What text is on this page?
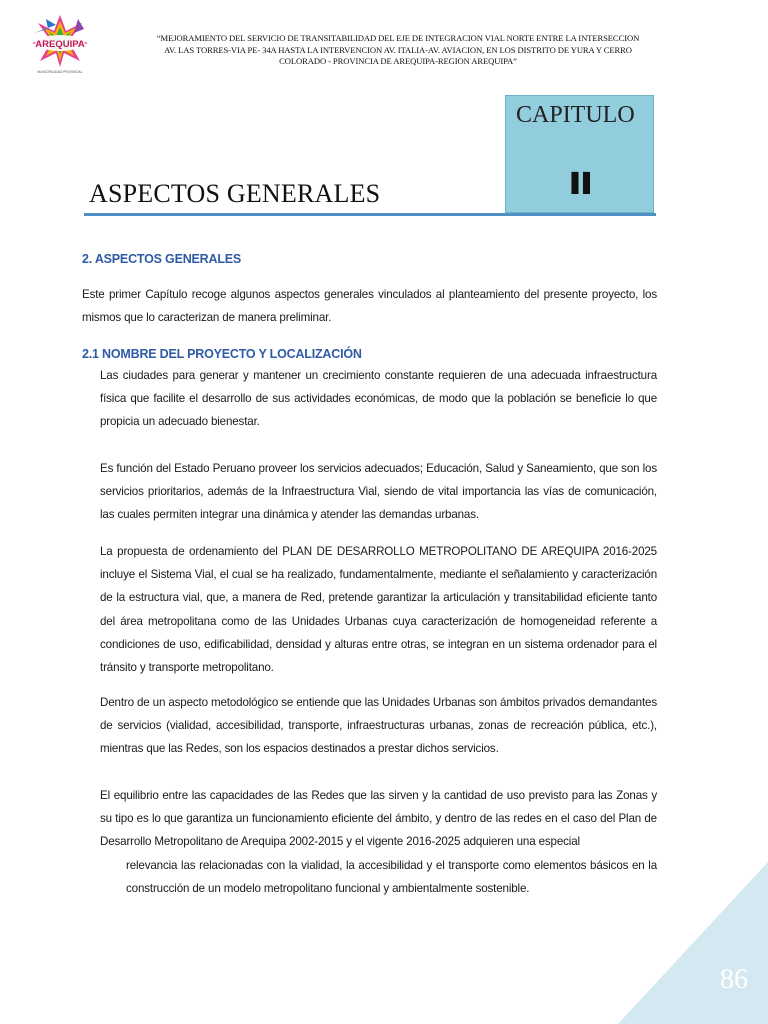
AREQUIPA
MUNICIPALIDAD PROVINCIAL
“MEJORAMIENTO DEL SERVICIO DE TRANSITABILIDAD DEL EJE DE INTEGRACION VIAL NORTE ENTRE LA INTERSECCION
AV. LAS TORRES-VIA PE- 34A HASTA LA INTERVENCION AV. ITALIA-AV. AVIACION, EN LOS DISTRITO DE YURA Y CERRO
COLORADO - PROVINCIA DE AREQUIPA-REGION AREQUIPA”
CAPITULO
II
ASPECTOS GENERALES
2. ASPECTOS GENERALES
Este primer Capítulo recoge algunos aspectos generales vinculados al planteamiento del presente proyecto, los mismos que lo caracterizan de manera preliminar.
2.1 NOMBRE DEL PROYECTO Y LOCALIZACIÓN
Las ciudades para generar y mantener un crecimiento constante requieren de una adecuada infraestructura física que facilite el desarrollo de sus actividades económicas, de modo que la población se beneficie lo que propicia un adecuado bienestar.
Es función del Estado Peruano proveer los servicios adecuados; Educación, Salud y Saneamiento, que son los servicios prioritarios, además de la Infraestructura Vial, siendo de vital importancia las vías de comunicación, las cuales permiten integrar una dinámica y atender las demandas urbanas.
La propuesta de ordenamiento del PLAN DE DESARROLLO METROPOLITANO DE AREQUIPA 2016-2025 incluye el Sistema Vial, el cual se ha realizado, fundamentalmente, mediante el señalamiento y caracterización de la estructura vial, que, a manera de Red, pretende garantizar la articulación y transitabilidad eficiente tanto del área metropolitana como de las Unidades Urbanas cuya caracterización de homogeneidad referente a condiciones de uso, edificabilidad, densidad y alturas entre otras, se integran en un sistema ordenador para el tránsito y transporte metropolitano.
Dentro de un aspecto metodológico se entiende que las Unidades Urbanas son ámbitos privados demandantes de servicios (vialidad, accesibilidad, transporte, infraestructuras urbanas, zonas de recreación pública, etc.), mientras que las Redes, son los espacios destinados a prestar dichos servicios.
El equilibrio entre las capacidades de las Redes que las sirven y la cantidad de uso previsto para las Zonas y su tipo es lo que garantiza un funcionamiento eficiente del ámbito, y dentro de las redes en el caso del Plan de Desarrollo Metropolitano de Arequipa 2002-2015 y el vigente 2016-2025 adquieren una especial
relevancia las relacionadas con la vialidad, la accesibilidad y el transporte como elementos básicos en la construcción de un modelo metropolitano funcional y ambientalmente sostenible.
86
